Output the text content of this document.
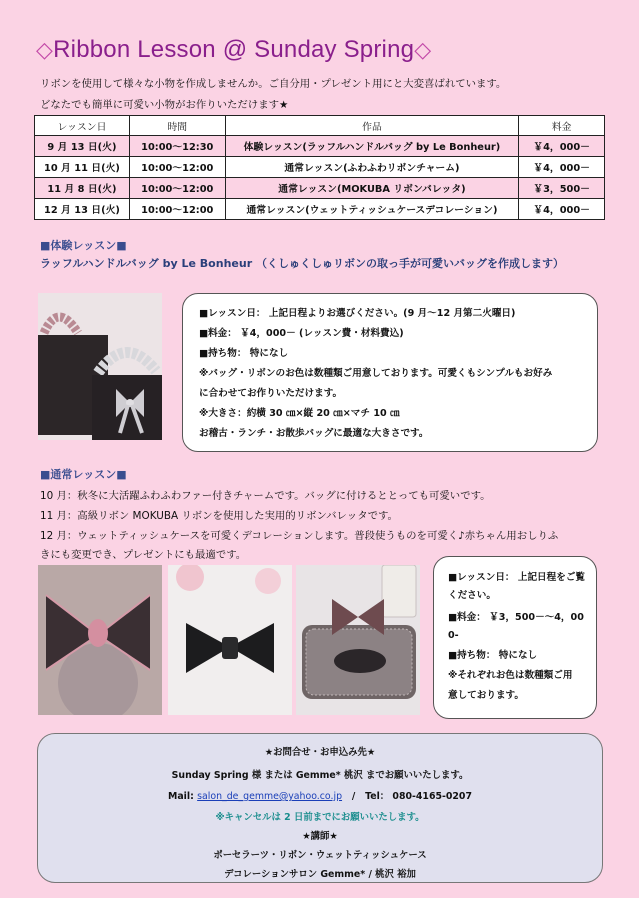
◇Ribbon Lesson @ Sunday Spring◇
リボンを使用して様々な小物を作成しませんか。ご自分用・プレゼント用にと大変喜ばれています。
どなたでも簡単に可愛い小物がお作りいただけます★
レッスン日	時間	作品	料金
9 月 13 日(火)	10:00～12:30	体験レッスン(ラッフルハンドルバッグ by Le Bonheur)	￥4，000－
10 月 11 日(火)	10:00～12:00	通常レッスン(ふわふわリボンチャーム)	￥4，000－
11 月 8 日(火)	10:00～12:00	通常レッスン(MOKUBA リボンバレッタ)	￥3，500－
12 月 13 日(火)	10:00～12:00	通常レッスン(ウェットティッシュケースデコレーション)	￥4，000－
■体験レッスン■
ラッフルハンドルバッグ by Le Bonheur （くしゅくしゅリボンの取っ手が可愛いバッグを作成します）
■レッスン日： 上記日程よりお選びください。(9 月～12 月第二火曜日)
■料金： ￥4，000－ (レッスン費・材料費込)
■持ち物： 特になし
※バッグ・リボンのお色は数種類ご用意しております。可愛くもシンプルもお好み
に合わせてお作りいただけます。
※大きさ：約横 30 ㎝×縦 20 ㎝×マチ 10 ㎝
お稽古・ランチ・お散歩バッグに最適な大きさです。
■通常レッスン■
10 月：秋冬に大活躍ふわふわファー付きチャームです。バッグに付けるととっても可愛いです。
11 月：高級リボン MOKUBA リボンを使用した実用的リボンバレッタです。
12 月：ウェットティッシュケースを可愛くデコレーションします。普段使うものを可愛く♪赤ちゃん用おしりふ
きにも変更でき、プレゼントにも最適です。
■レッスン日： 上記日程をご覧
ください。
■料金： ￥3，500－～4，00
0-
■持ち物： 特になし
※それぞれお色は数種類ご用
意しております。
★お問合せ・お申込み先★
Sunday Spring 様 または Gemme* 桃沢 までお願いいたします。
Mail: salon_de_gemme@yahoo.co.jp / Tel： 080-4165-0207
※キャンセルは 2 日前までにお願いいたします。
★講師★
ポーセラーツ・リボン・ウェットティッシュケース
デコレーションサロン Gemme* / 桃沢 裕加
